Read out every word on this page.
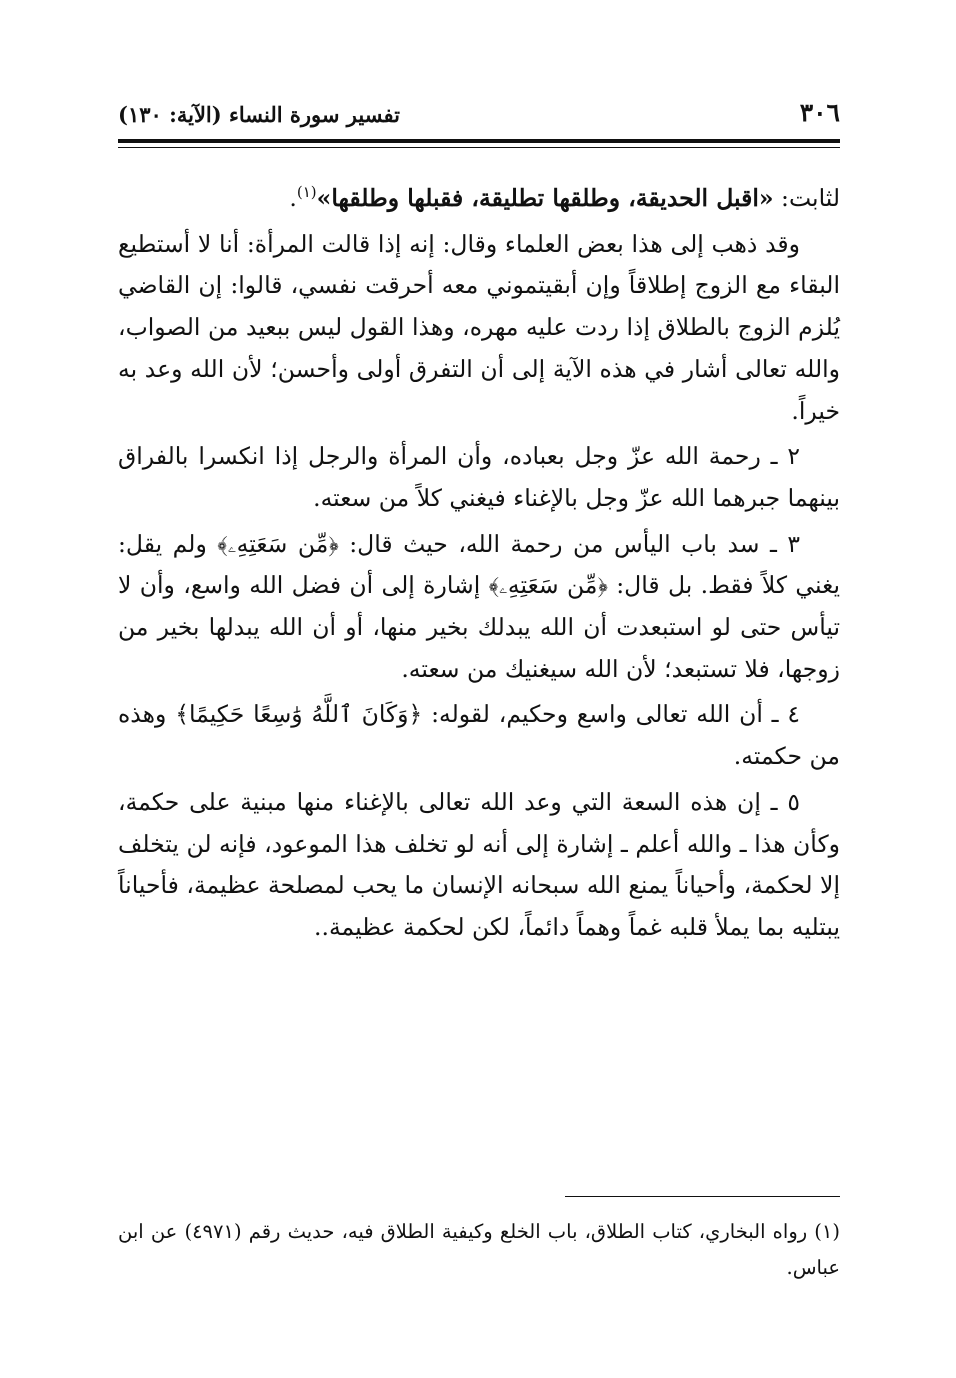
٣٠٦
تفسير سورة النساء (الآية: ١٣٠)

لثابت: «اقبل الحديقة، وطلقها تطليقة، فقبلها وطلقها»$^{(١)}$.

وقد ذهب إلى هذا بعض العلماء وقال: إنه إذا قالت المرأة: أنا لا أستطيع البقاء مع الزوج إطلاقاً وإن أبقيتموني معه أحرقت نفسي، قالوا: إن القاضي يُلزم الزوج بالطلاق إذا ردت عليه مهره، وهذا القول ليس ببعيد من الصواب، والله تعالى أشار في هذه الآية إلى أن التفرق أولى وأحسن؛ لأن الله وعد به خيراً.

٢ ـ رحمة الله عزّ وجل بعباده، وأن المرأة والرجل إذا انكسرا بالفراق بينهما جبرهما الله عزّ وجل بالإغناء فيغني كلاً من سعته.

٣ ـ سد باب اليأس من رحمة الله، حيث قال: ﴿مِّن سَعَتِهِۦ﴾ ولم يقل: يغني كلاً فقط. بل قال: ﴿مِّن سَعَتِهِۦ﴾ إشارة إلى أن فضل الله واسع، وأن لا تيأس حتى لو استبعدت أن الله يبدلك بخير منها، أو أن الله يبدلها بخير من زوجها، فلا تستبعد؛ لأن الله سيغنيك من سعته.

٤ ـ أن الله تعالى واسع وحكيم، لقوله: ﴿وَكَانَ ٱللَّهُ وَٰسِعًا حَكِيمًا﴾ وهذه من حكمته.

٥ ـ إن هذه السعة التي وعد الله تعالى بالإغناء منها مبنية على حكمة، وكأن هذا ـ والله أعلم ـ إشارة إلى أنه لو تخلف هذا الموعود، فإنه لن يتخلف إلا لحكمة، وأحياناً يمنع الله سبحانه الإنسان ما يحب لمصلحة عظيمة، فأحياناً يبتليه بما يملأ قلبه غماً وهماً دائماً، لكن لحكمة عظيمة..

(١) رواه البخاري، كتاب الطلاق، باب الخلع وكيفية الطلاق فيه، حديث رقم (٤٩٧١) عن ابن عباس.
